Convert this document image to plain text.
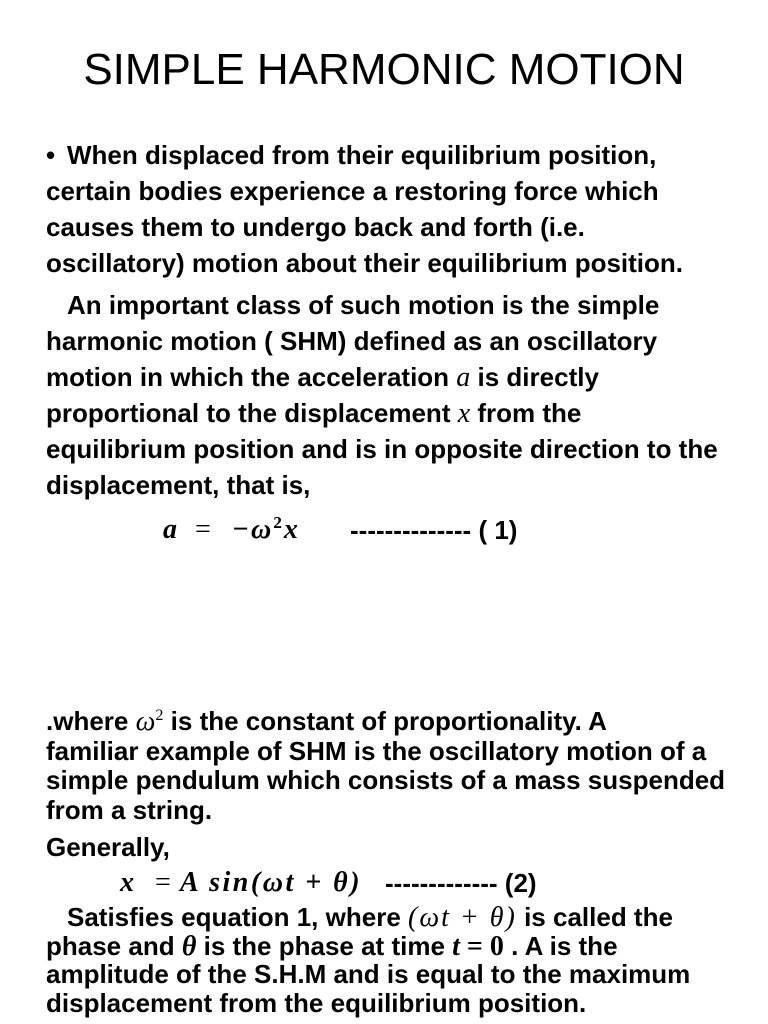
SIMPLE HARMONIC MOTION
• When displaced from their equilibrium position,
certain bodies experience a restoring force which
causes them to undergo back and forth (i.e.
oscillatory) motion about their equilibrium position.
An important class of such motion is the simple
harmonic motion ( SHM) defined as an oscillatory
motion in which the acceleration a is directly
proportional to the displacement x from the
equilibrium position and is in opposite direction to the
displacement, that is,
$a = -\omega^2x$ -------------- ( 1)
.where $\omega^2$ is the constant of proportionality. A
familiar example of SHM is the oscillatory motion of a
simple pendulum which consists of a mass suspended
from a string.
Generally,
x = A sin(ωt + θ) ------------- (2)
Satisfies equation 1, where (ωt + θ) is called the
phase and θ is the phase at time t = 0 . A is the
amplitude of the S.H.M and is equal to the maximum
displacement from the equilibrium position.
